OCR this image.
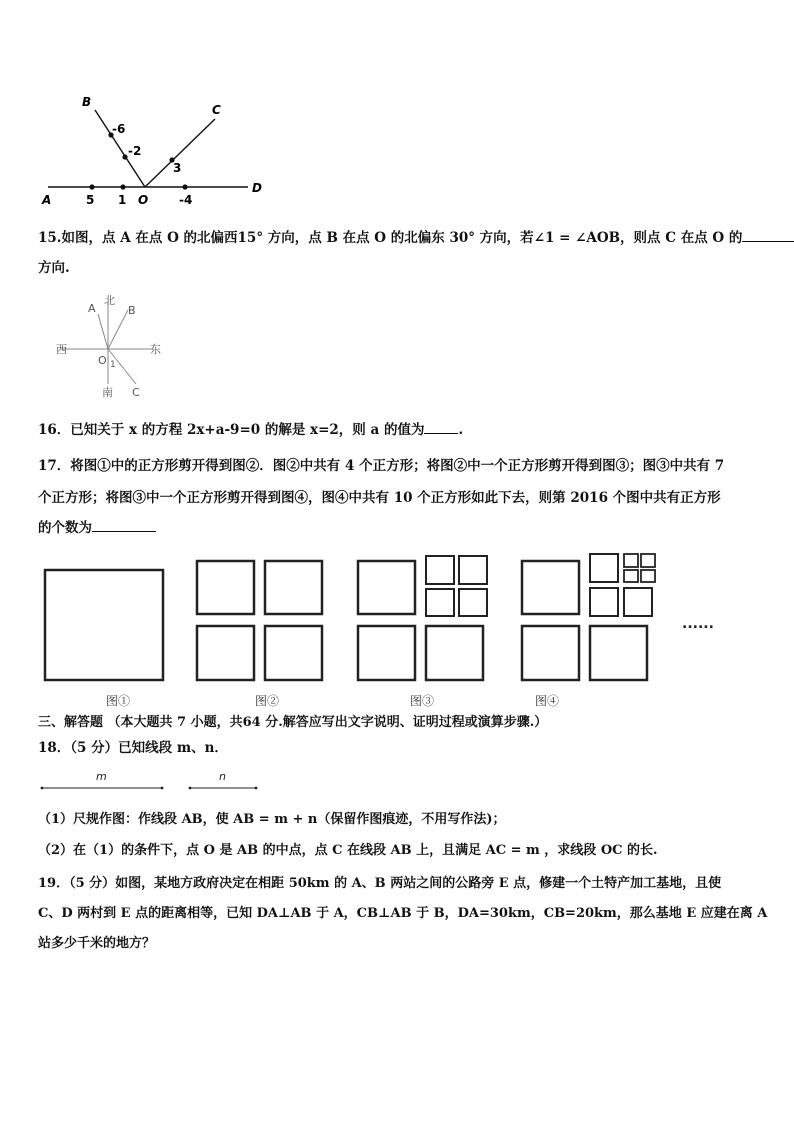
B
C
A
D
O
-6
-2
3
5 1	-4
15.如图，点 A 在点 O 的北偏西15° 方向，点 B 在点 O 的北偏东 30° 方向，若∠1 = ∠AOB，则点 C 在点 O 的
方向.
北
A	B
西	东
O 1
南 C
16．已知关于 x 的方程 2x+a-9=0 的解是 x=2，则 a 的值为	.
17．将图①中的正方形剪开得到图②．图②中共有 4 个正方形；将图②中一个正方形剪开得到图③；图③中共有 7
个正方形；将图③中一个正方形剪开得到图④，图④中共有 10 个正方形如此下去，则第 2016 个图中共有正方形
的个数为
......
图①	图②	图③	图④
三、解答题 （本大题共 7 小题，共64 分.解答应写出文字说明、证明过程或演算步骤.）
18．（5 分）已知线段 m、n．
m	n
（1）尺规作图：作线段 AB，使 AB = m + n（保留作图痕迹，不用写作法)；
（2）在（1）的条件下，点 O 是 AB 的中点，点 C 在线段 AB 上，且满足 AC = m ，求线段 OC 的长.
19．（5 分）如图，某地方政府决定在相距 50km 的 A、B 两站之间的公路旁 E 点，修建一个土特产加工基地，且使
C、D 两村到 E 点的距离相等，已知 DA⊥AB 于 A，CB⊥AB 于 B，DA=30km，CB=20km，那么基地 E 应建在离 A
站多少千米的地方？
